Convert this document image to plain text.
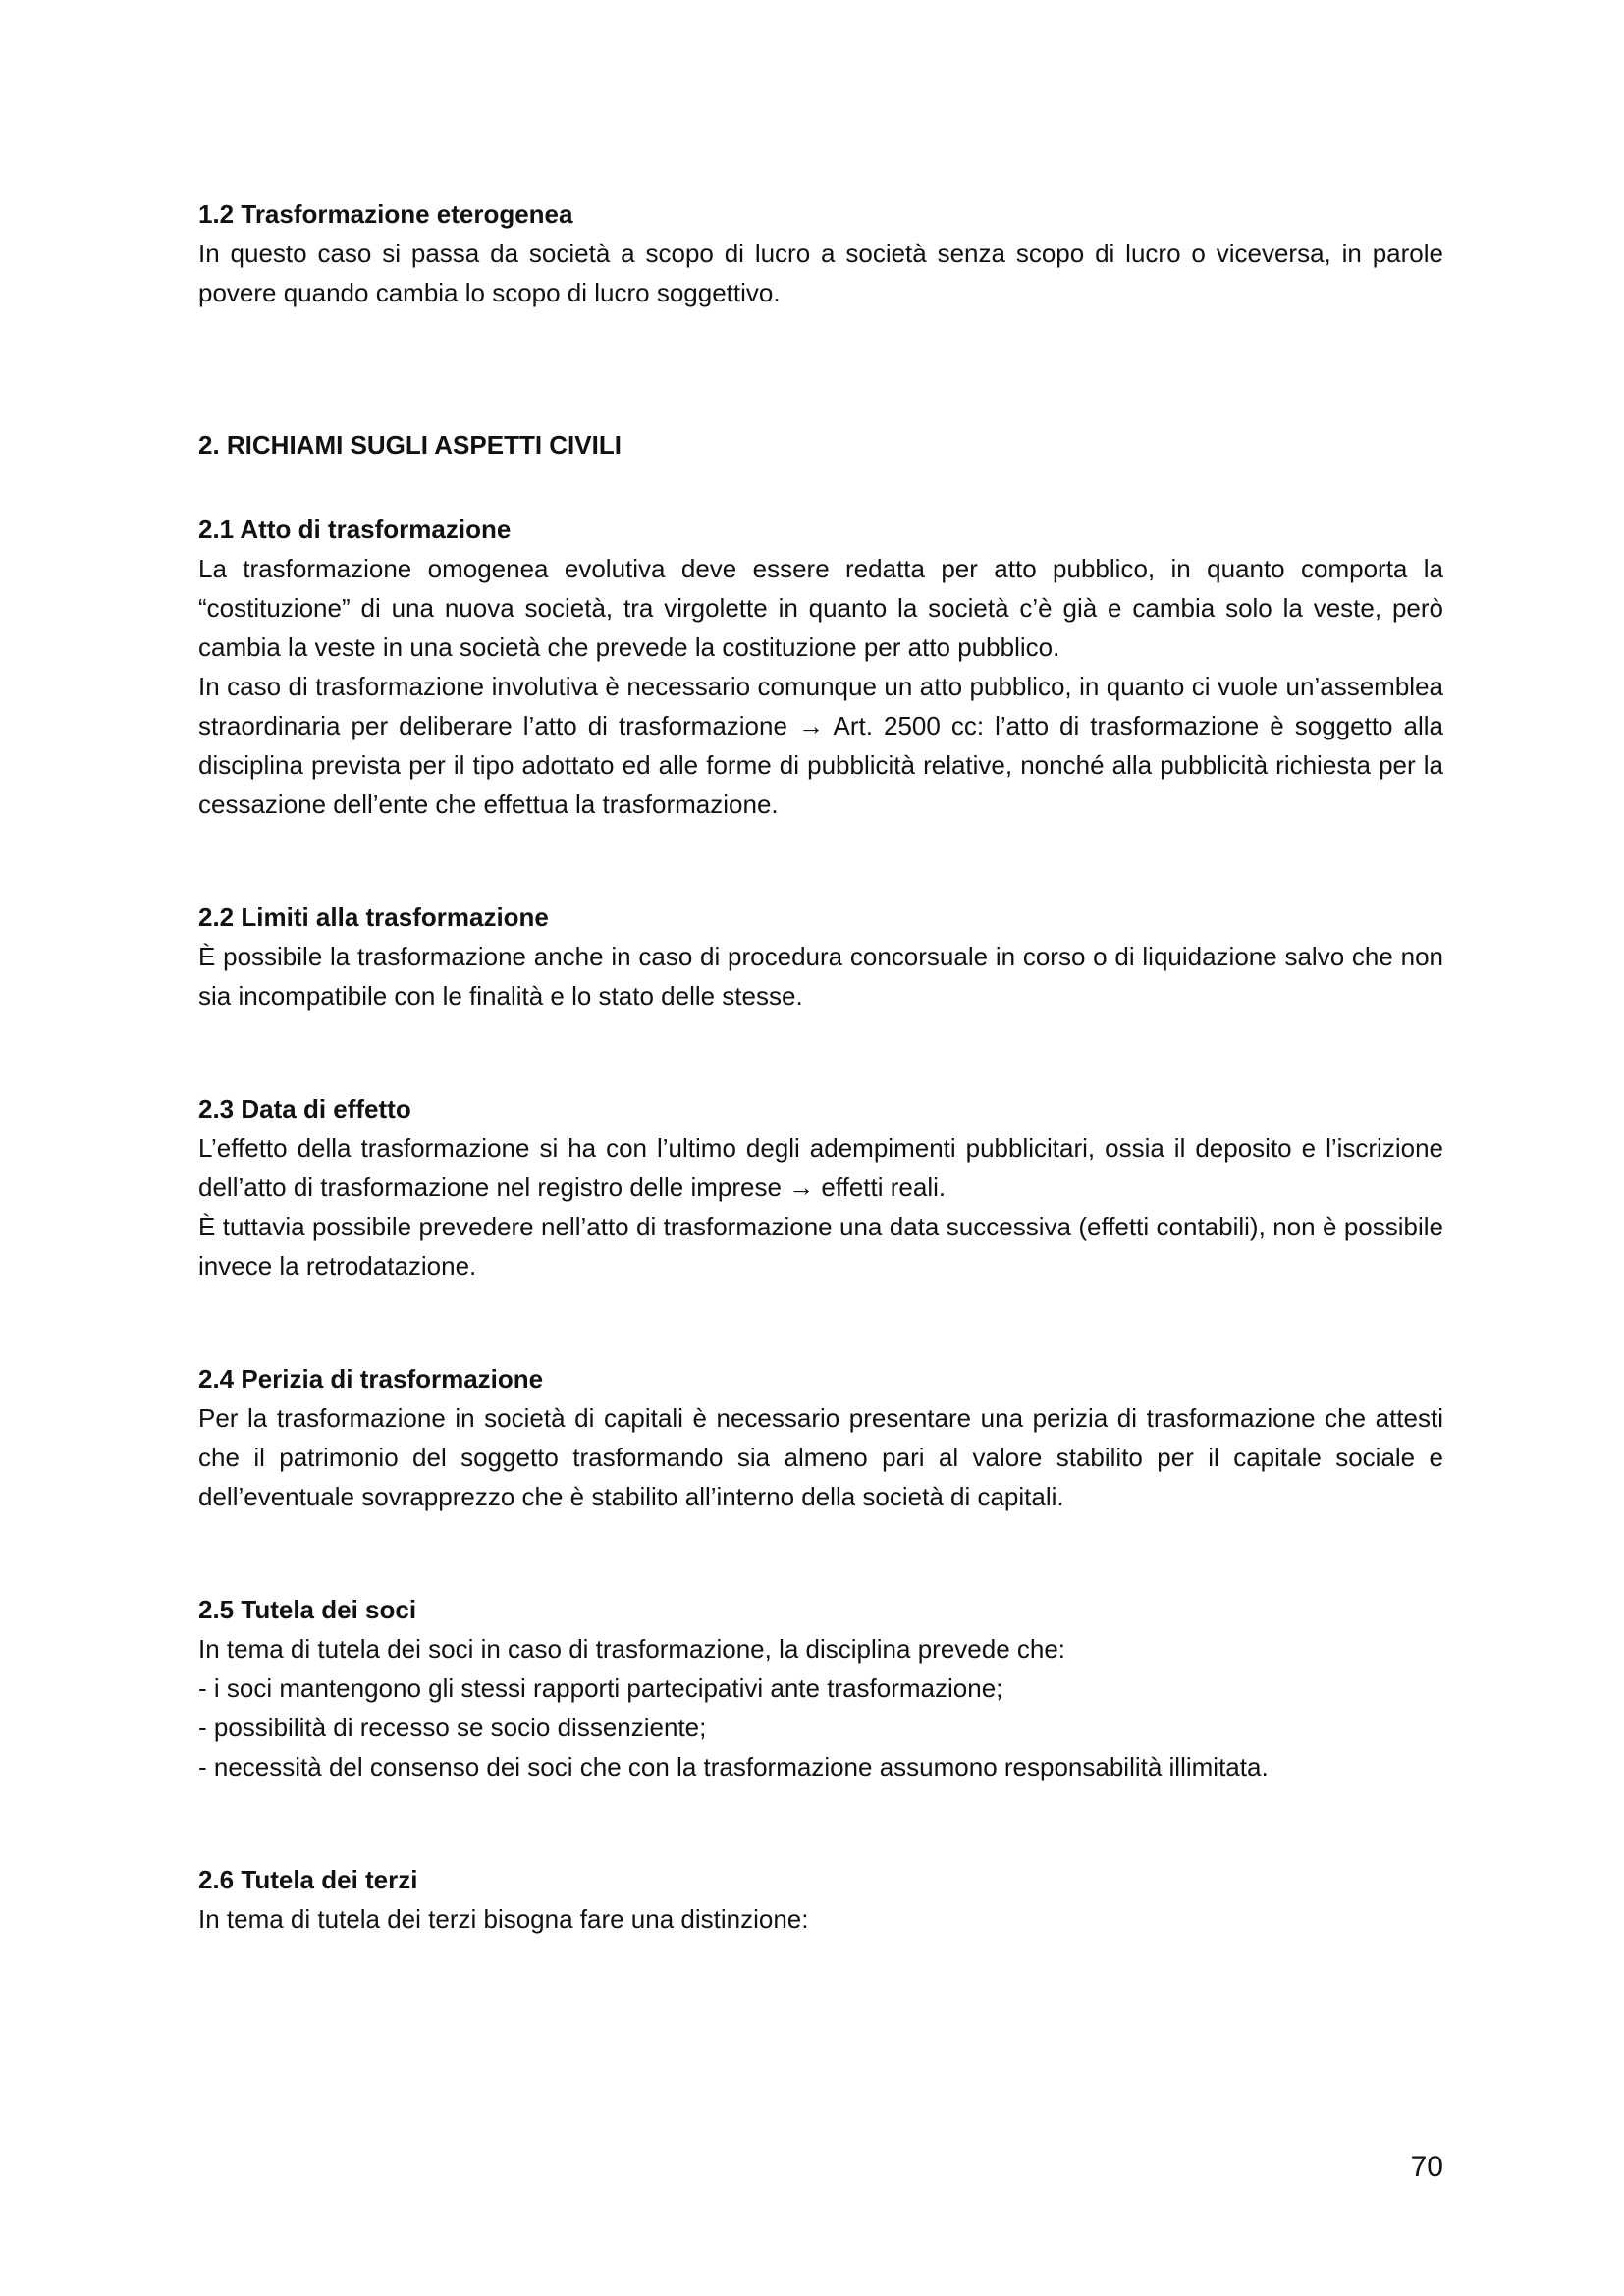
1.2 Trasformazione eterogenea

In questo caso si passa da società a scopo di lucro a società senza scopo di lucro o viceversa, in parole povere quando cambia lo scopo di lucro soggettivo.

2. RICHIAMI SUGLI ASPETTI CIVILI

2.1 Atto di trasformazione

La trasformazione omogenea evolutiva deve essere redatta per atto pubblico, in quanto comporta la “costituzione” di una nuova società, tra virgolette in quanto la società c’è già e cambia solo la veste, però cambia la veste in una società che prevede la costituzione per atto pubblico.

In caso di trasformazione involutiva è necessario comunque un atto pubblico, in quanto ci vuole un’assemblea straordinaria per deliberare l’atto di trasformazione → Art. 2500 cc: l’atto di trasformazione è soggetto alla disciplina prevista per il tipo adottato ed alle forme di pubblicità relative, nonché alla pubblicità richiesta per la cessazione dell’ente che effettua la trasformazione.

2.2 Limiti alla trasformazione

È possibile la trasformazione anche in caso di procedura concorsuale in corso o di liquidazione salvo che non sia incompatibile con le finalità e lo stato delle stesse.

2.3 Data di effetto

L’effetto della trasformazione si ha con l’ultimo degli adempimenti pubblicitari, ossia il deposito e l’iscrizione dell’atto di trasformazione nel registro delle imprese → effetti reali.

È tuttavia possibile prevedere nell’atto di trasformazione una data successiva (effetti contabili), non è possibile invece la retrodatazione.

2.4 Perizia di trasformazione

Per la trasformazione in società di capitali è necessario presentare una perizia di trasformazione che attesti che il patrimonio del soggetto trasformando sia almeno pari al valore stabilito per il capitale sociale e dell’eventuale sovrapprezzo che è stabilito all’interno della società di capitali.

2.5 Tutela dei soci

In tema di tutela dei soci in caso di trasformazione, la disciplina prevede che:

- i soci mantengono gli stessi rapporti partecipativi ante trasformazione;

- possibilità di recesso se socio dissenziente;

- necessità del consenso dei soci che con la trasformazione assumono responsabilità illimitata.

2.6 Tutela dei terzi

In tema di tutela dei terzi bisogna fare una distinzione:

70
